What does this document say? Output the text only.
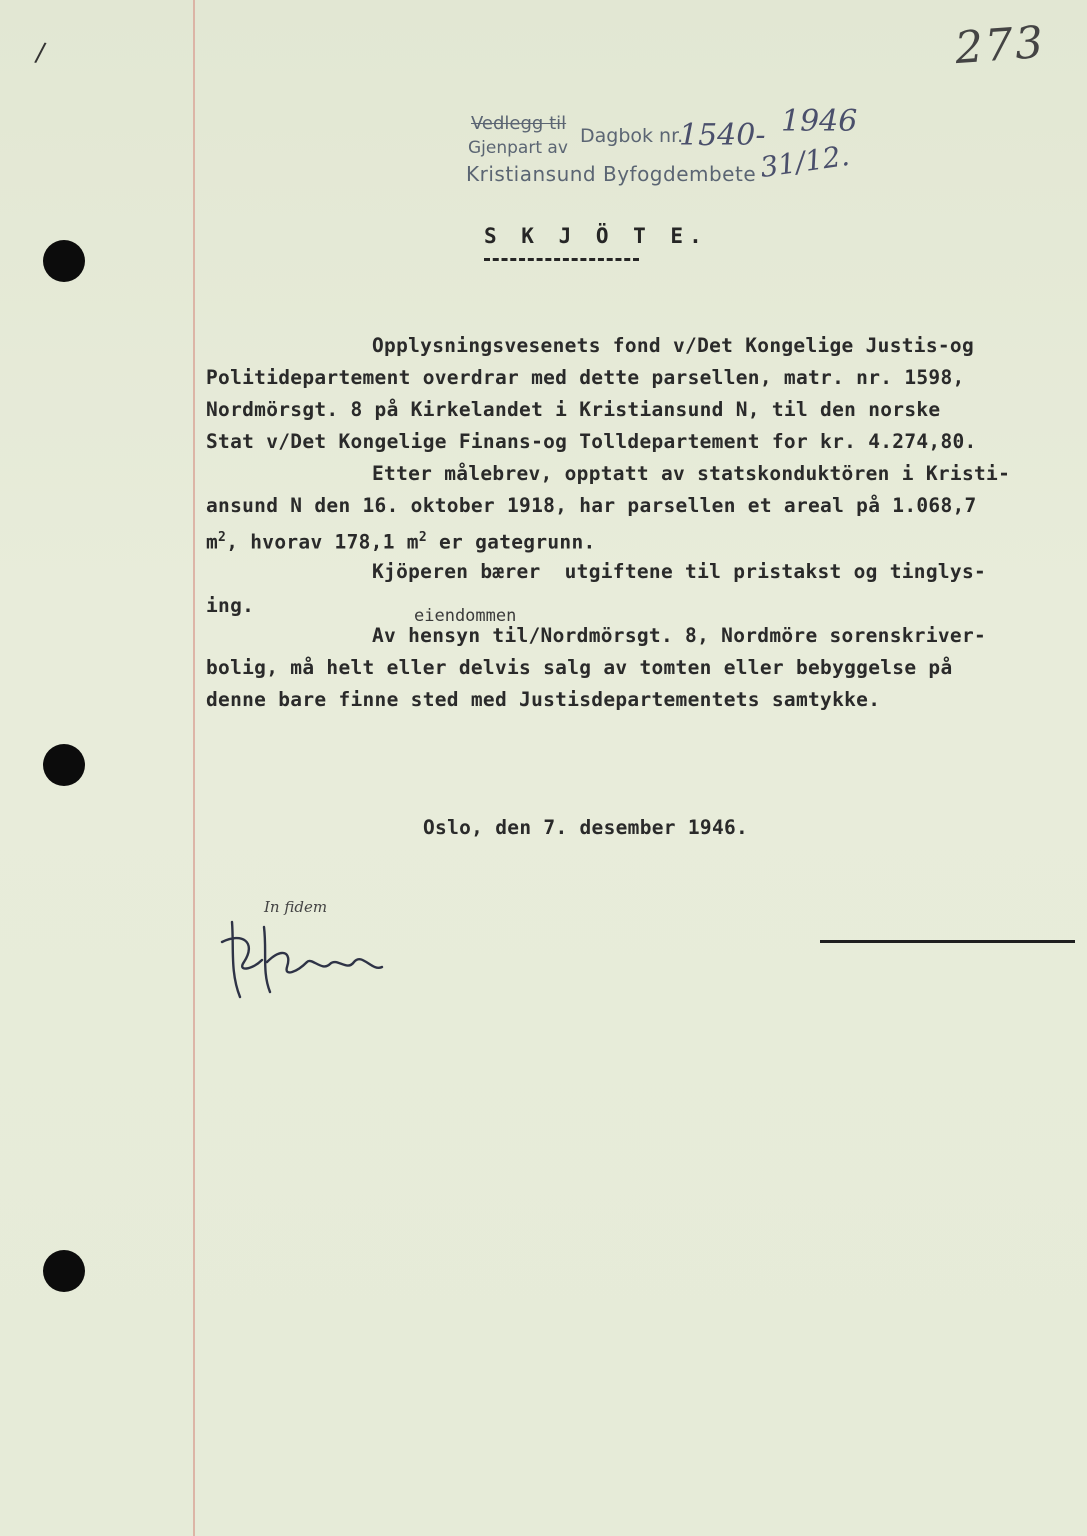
/	273
Vedlegg til
Dagbok nr.
Gjenpart av
Kristiansund Byfogdembete
1540- 1946
31/12.
S K J Ö T E.
Opplysningsvesenets fond v/Det Kongelige Justis-og
Politidepartement overdrar med dette parsellen, matr. nr. 1598,
Nordmörsgt. 8 på Kirkelandet i Kristiansund N, til den norske
Stat v/Det Kongelige Finans-og Tolldepartement for kr. 4.274,80.
Etter målebrev, opptatt av statskonduktören i Kristi-
ansund N den 16. oktober 1918, har parsellen et areal på 1.068,7
$m^2$, hvorav 178,1 $m^2$ er gategrunn.
Kjöperen bærer  utgiftene til pristakst og tinglys-
ing.	eiendommen
Av hensyn til/Nordmörsgt. 8, Nordmöre sorenskriver-
bolig, må helt eller delvis salg av tomten eller bebyggelse på
denne bare finne sted med Justisdepartementets samtykke.
Oslo, den 7. desember 1946.
In fidem
